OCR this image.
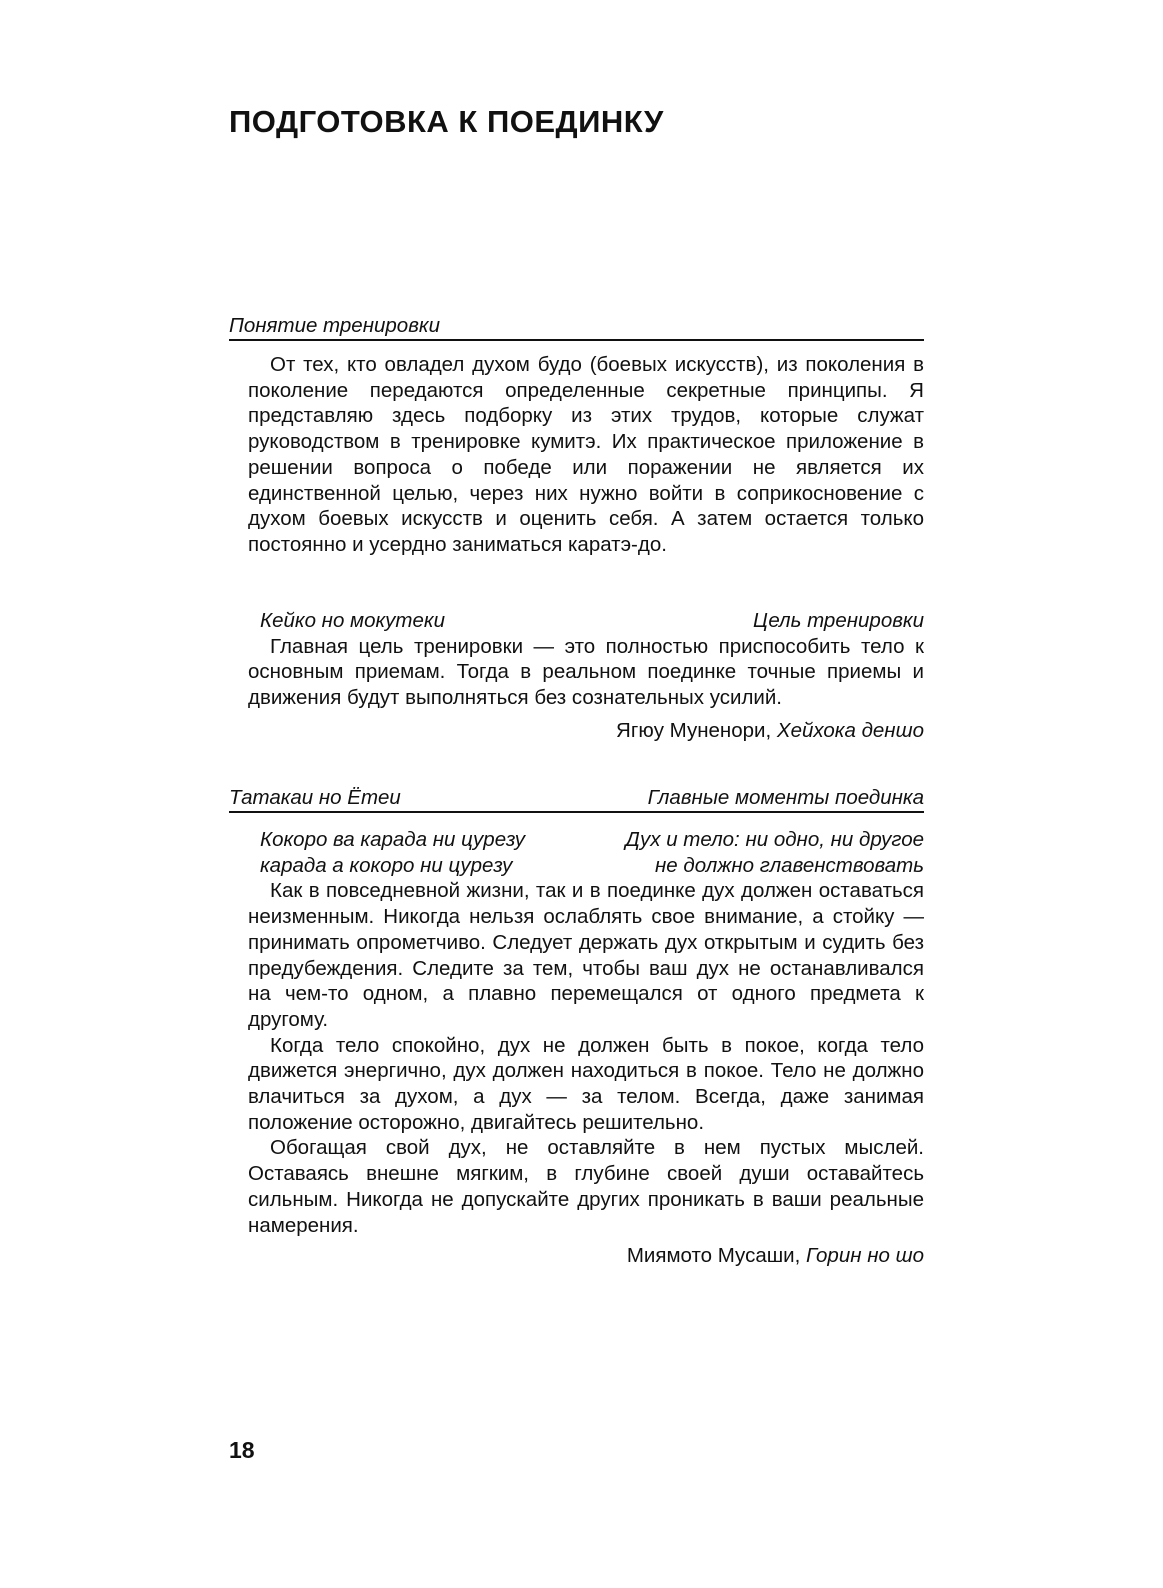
ПОДГОТОВКА К ПОЕДИНКУ
Понятие тренировки

От тех, кто овладел духом будо (боевых искусств), из поколения в поколение передаются определенные секретные принципы. Я представляю здесь подборку из этих трудов, которые служат руководством в тренировке кумитэ. Их практическое приложение в решении вопроса о победе или поражении не является их единственной целью, через них нужно войти в соприкосновение с духом боевых искусств и оценить себя. А затем остается только постоянно и усердно заниматься каратэ-до.

Кейко но мокутеки	Цель тренировки

Главная цель тренировки — это полностью приспособить тело к основным приемам. Тогда в реальном поединке точные приемы и движения будут выполняться без сознательных усилий.

Ягюу Муненори, Хейхока деншо
Татакаи но Ётеи	Главные моменты поединка
Кокоро ва карада ни цурезу	Дух и тело: ни одно, ни другое
карада а кокоро ни цурезу	не должно главенствовать

Как в повседневной жизни, так и в поединке дух должен оставаться неизменным. Никогда нельзя ослаблять свое внимание, а стойку — принимать опрометчиво. Следует держать дух открытым и судить без предубеждения. Следите за тем, чтобы ваш дух не останавливался на чем-то одном, а плавно перемещался от одного предмета к другому.

Когда тело спокойно, дух не должен быть в покое, когда тело движется энергично, дух должен находиться в покое. Тело не должно влачиться за духом, а дух — за телом. Всегда, даже занимая положение осторожно, двигайтесь решительно.

Обогащая свой дух, не оставляйте в нем пустых мыслей. Оставаясь внешне мягким, в глубине своей души оставайтесь сильным. Никогда не допускайте других проникать в ваши реальные намерения.

Миямото Мусаши, Горин но шо
18
